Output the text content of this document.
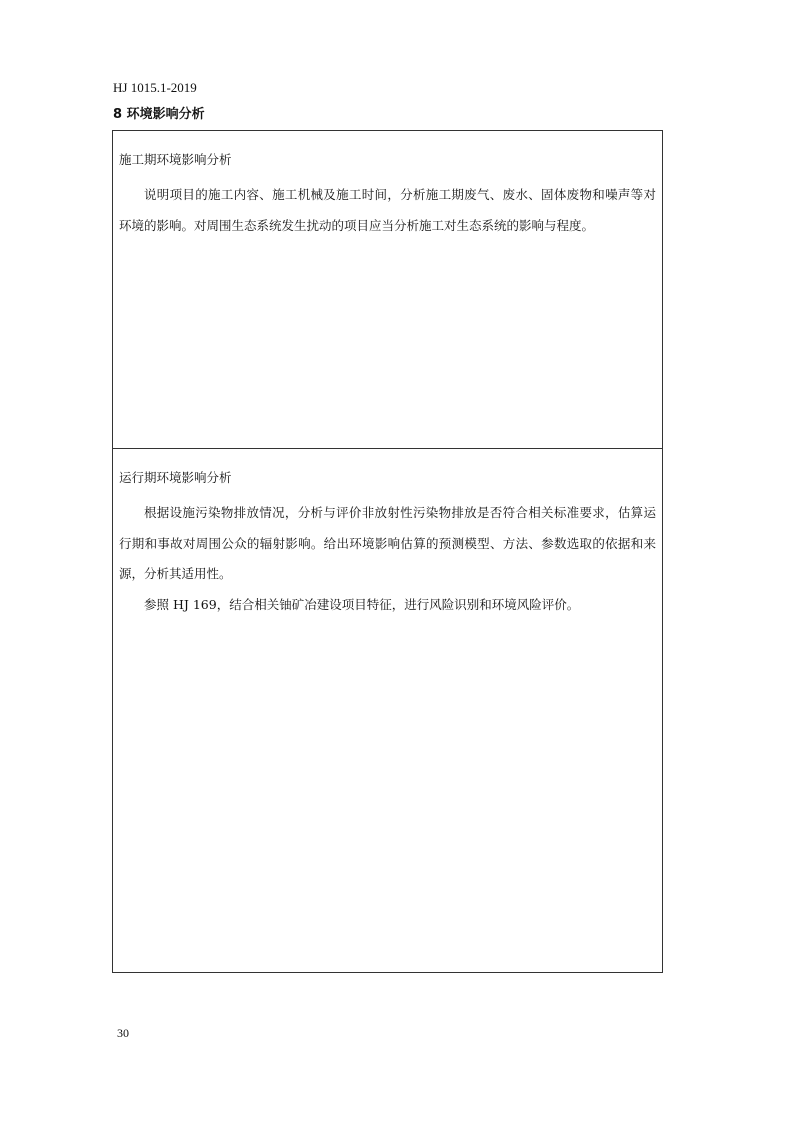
HJ 1015.1-2019
8 环境影响分析
施工期环境影响分析

说明项目的施工内容、施工机械及施工时间，分析施工期废气、废水、固体废物和噪声等对环境的影响。对周围生态系统发生扰动的项目应当分析施工对生态系统的影响与程度。

运行期环境影响分析

根据设施污染物排放情况，分析与评价非放射性污染物排放是否符合相关标准要求，估算运行期和事故对周围公众的辐射影响。给出环境影响估算的预测模型、方法、参数选取的依据和来源，分析其适用性。

参照 HJ 169，结合相关铀矿冶建设项目特征，进行风险识别和环境风险评价。

30
